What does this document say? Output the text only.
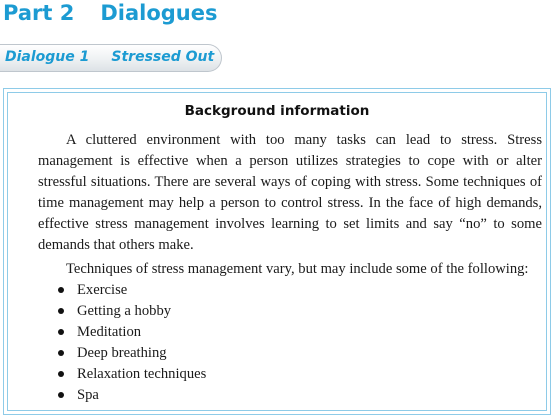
Part 2 Dialogues
Dialogue 1 Stressed Out
Background information
A cluttered environment with too many tasks can lead to stress. Stress management is effective when a person utilizes strategies to cope with or alter stressful situations. There are several ways of coping with stress. Some techniques of time management may help a person to control stress. In the face of high demands, effective stress management involves learning to set limits and say “no” to some demands that others make.
Techniques of stress management vary, but may include some of the following:
Exercise
Getting a hobby
Meditation
Deep breathing
Relaxation techniques
Spa
